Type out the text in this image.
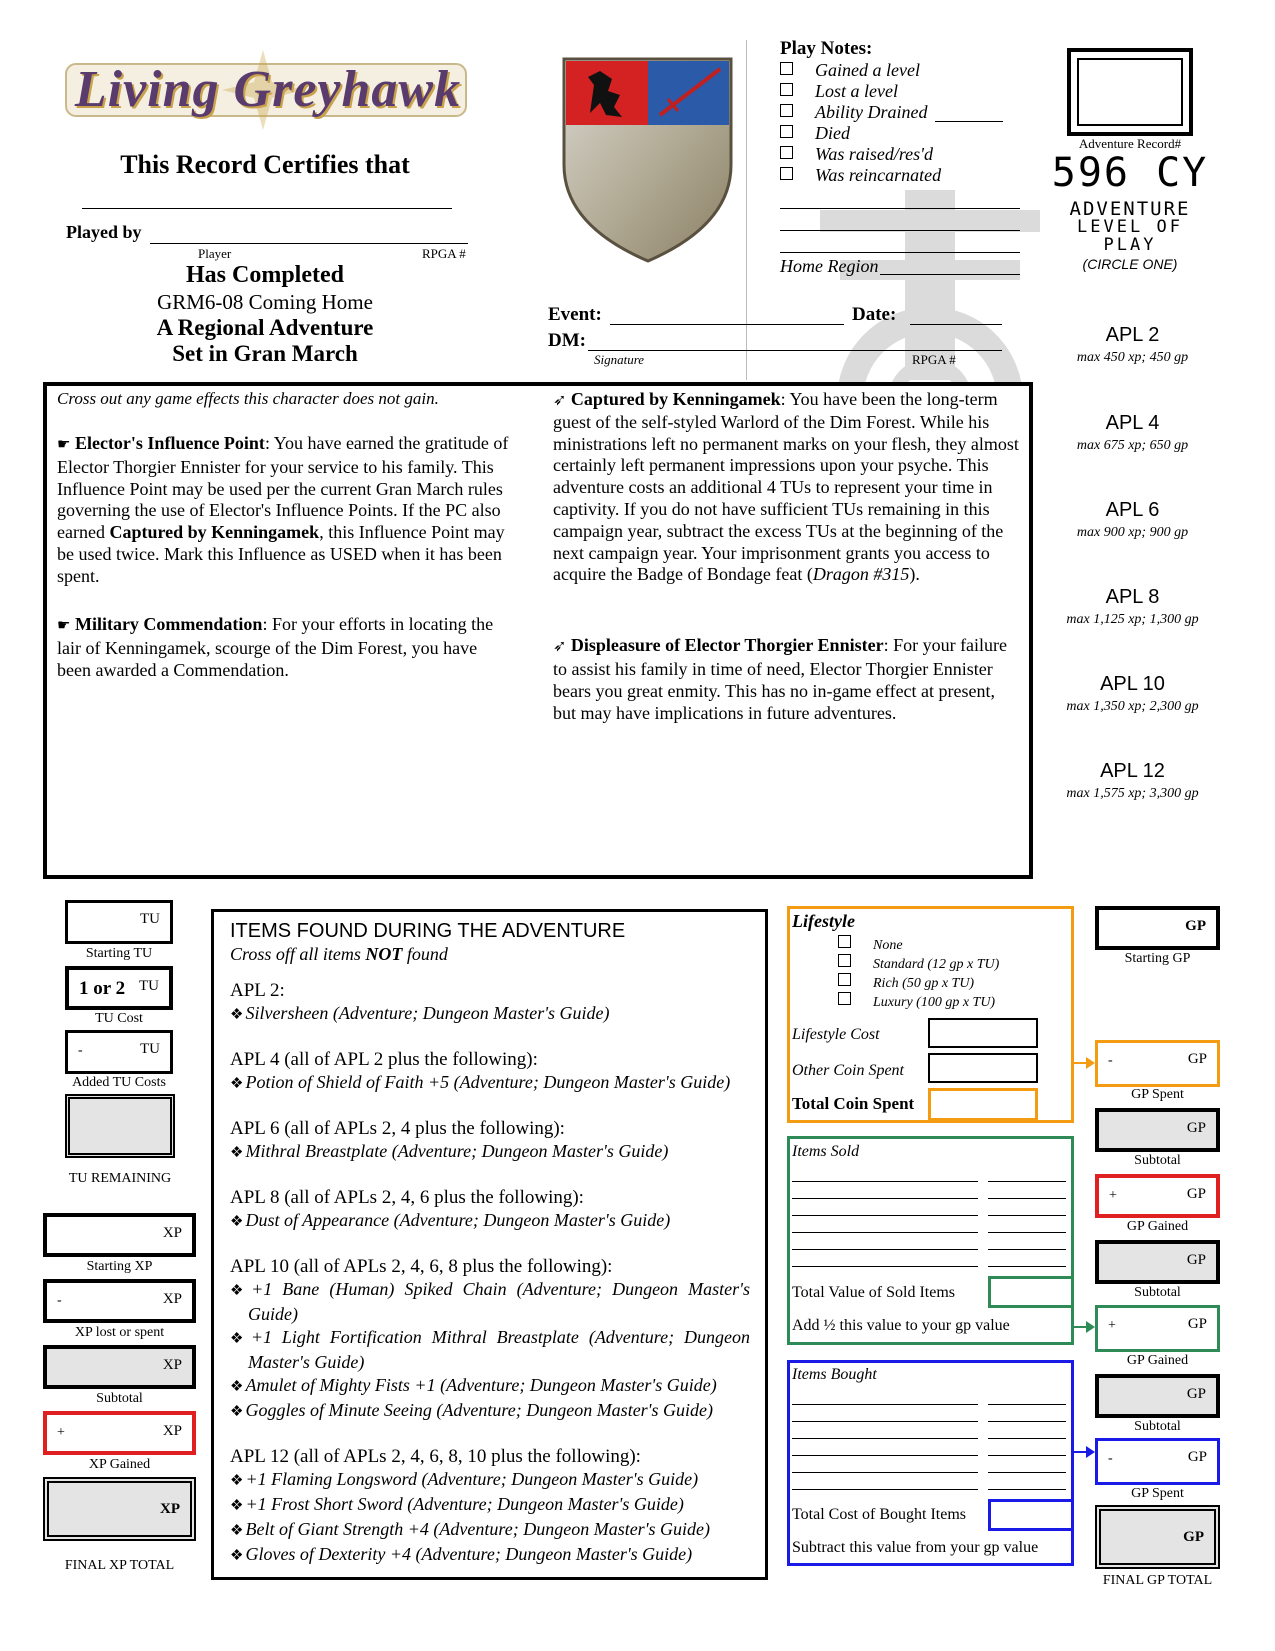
Living Greyhawk
This Record Certifies that
Played by
Player	RPGA #
Has Completed
GRM6-08 Coming Home
A Regional Adventure
Set in Gran March
Play Notes:
Gained a level
Lost a level
Ability Drained
Died
Was raised/res'd
Was reincarnated
Home Region
Event:	Date:
DM:
Signature	RPGA #
Adventure Record#
596 CY
ADVENTURE
LEVEL OF PLAY
(CIRCLE ONE)
APL 2
max 450 xp; 450 gp
APL 4
max 675 xp; 650 gp
APL 6
max 900 xp; 900 gp
APL 8
max 1,125 xp; 1,300 gp
APL 10
max 1,350 xp; 2,300 gp
APL 12
max 1,575 xp; 3,300 gp
Cross out any game effects this character does not gain.

☛ Elector's Influence Point: You have earned the gratitude of Elector Thorgier Ennister for your service to his family. This Influence Point may be used per the current Gran March rules governing the use of Elector's Influence Points. If the PC also earned Captured by Kenningamek, this Influence Point may be used twice. Mark this Influence as USED when it has been spent.

☛ Military Commendation: For your efforts in locating the lair of Kenningamek, scourge of the Dim Forest, you have been awarded a Commendation.

➶ Captured by Kenningamek: You have been the long-term guest of the self-styled Warlord of the Dim Forest. While his ministrations left no permanent marks on your flesh, they almost certainly left permanent impressions upon your psyche. This adventure costs an additional 4 TUs to represent your time in captivity. If you do not have sufficient TUs remaining in this campaign year, subtract the excess TUs at the beginning of the next campaign year. Your imprisonment grants you access to acquire the Badge of Bondage feat (Dragon #315).

➶ Displeasure of Elector Thorgier Ennister: For your failure to assist his family in time of need, Elector Thorgier Ennister bears you great enmity. This has no in-game effect at present, but may have implications in future adventures.

TU
Starting TU
1 or 2 TU
TU Cost
-	TU
Added TU Costs
TU REMAINING
XP
Starting XP
-	XP
XP lost or spent
XP
Subtotal
+	XP
XP Gained
XP
FINAL XP TOTAL
ITEMS FOUND DURING THE ADVENTURE
Cross off all items NOT found
APL 2:
❖ Silversheen (Adventure; Dungeon Master's Guide)
APL 4 (all of APL 2 plus the following):
❖ Potion of Shield of Faith +5 (Adventure; Dungeon Master's Guide)
APL 6 (all of APLs 2, 4 plus the following):
❖ Mithral Breastplate (Adventure; Dungeon Master's Guide)
APL 8 (all of APLs 2, 4, 6 plus the following):
❖ Dust of Appearance (Adventure; Dungeon Master's Guide)
APL 10 (all of APLs 2, 4, 6, 8 plus the following):
❖ +1 Bane (Human) Spiked Chain (Adventure; Dungeon Master's Guide)
❖ +1 Light Fortification Mithral Breastplate (Adventure; Dungeon Master's Guide)
❖ Amulet of Mighty Fists +1 (Adventure; Dungeon Master's Guide)
❖ Goggles of Minute Seeing (Adventure; Dungeon Master's Guide)
APL 12 (all of APLs 2, 4, 6, 8, 10 plus the following):
❖ +1 Flaming Longsword (Adventure; Dungeon Master's Guide)
❖ +1 Frost Short Sword (Adventure; Dungeon Master's Guide)
❖ Belt of Giant Strength +4 (Adventure; Dungeon Master's Guide)
❖ Gloves of Dexterity +4 (Adventure; Dungeon Master's Guide)
Lifestyle
None
Standard (12 gp x TU)
Rich (50 gp x TU)
Luxury (100 gp x TU)
Lifestyle Cost
Other Coin Spent
Total Coin Spent
Items Sold
Total Value of Sold Items
Add ½ this value to your gp value
Items Bought
Total Cost of Bought Items
Subtract this value from your gp value
GP
Starting GP
-	GP
GP Spent
GP
Subtotal
+	GP
GP Gained
GP
Subtotal
+	GP
GP Gained
GP
Subtotal
-	GP
GP Spent
GP
FINAL GP TOTAL
